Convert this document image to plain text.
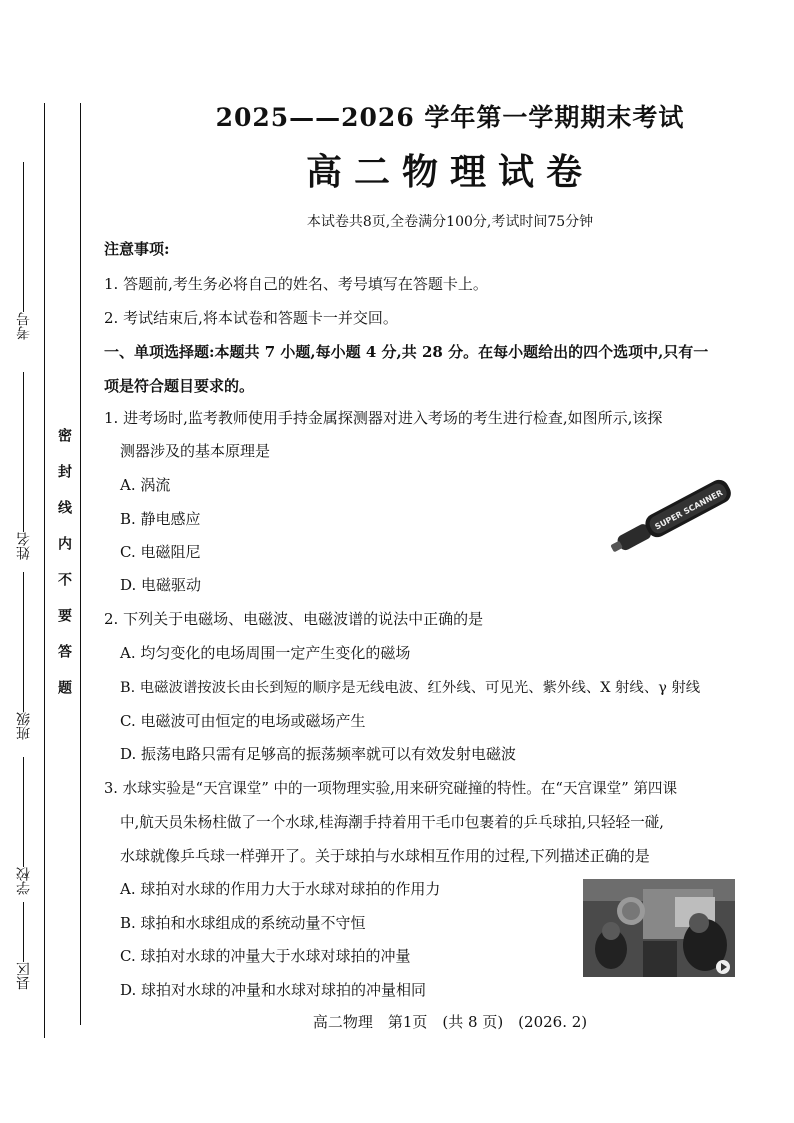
考号
姓名
班级
学校
县区
密封线内不要答题
2025——2026 学年第一学期期末考试
高二物理试卷
本试卷共8页,全卷满分100分,考试时间75分钟
注意事项:
1. 答题前,考生务必将自己的姓名、考号填写在答题卡上。
2. 考试结束后,将本试卷和答题卡一并交回。
一、单项选择题:本题共 7 小题,每小题 4 分,共 28 分。在每小题给出的四个选项中,只有一
项是符合题目要求的。
1. 进考场时,监考教师使用手持金属探测器对进入考场的考生进行检查,如图所示,该探
测器涉及的基本原理是
A. 涡流
B. 静电感应
C. 电磁阻尼
D. 电磁驱动
SUPER SCANNER
2. 下列关于电磁场、电磁波、电磁波谱的说法中正确的是
A. 均匀变化的电场周围一定产生变化的磁场
B. 电磁波谱按波长由长到短的顺序是无线电波、红外线、可见光、紫外线、X 射线、γ 射线
C. 电磁波可由恒定的电场或磁场产生
D. 振荡电路只需有足够高的振荡频率就可以有效发射电磁波
3. 水球实验是“天宫课堂” 中的一项物理实验,用来研究碰撞的特性。在“天宫课堂” 第四课
中,航天员朱杨柱做了一个水球,桂海潮手持着用干毛巾包裹着的乒乓球拍,只轻轻一碰,
水球就像乒乓球一样弹开了。关于球拍与水球相互作用的过程,下列描述正确的是
A. 球拍对水球的作用力大于水球对球拍的作用力
B. 球拍和水球组成的系统动量不守恒
C. 球拍对水球的冲量大于水球对球拍的冲量
D. 球拍对水球的冲量和水球对球拍的冲量相同
高二物理　第1页　(共 8 页)　(2026. 2)
